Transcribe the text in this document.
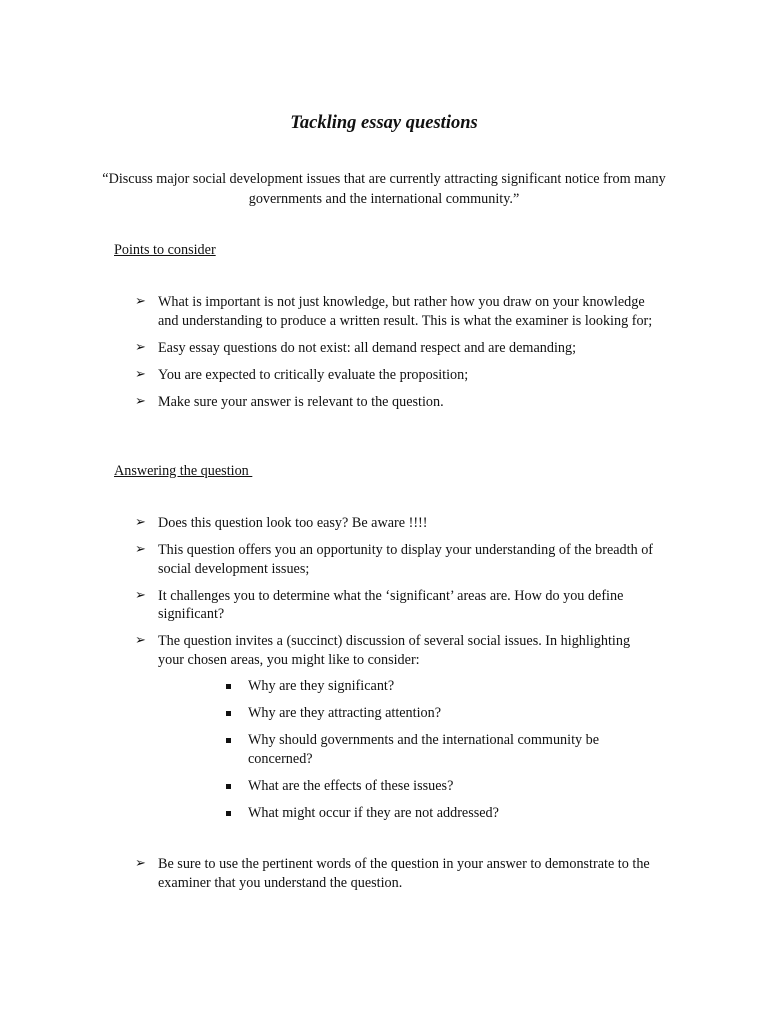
Tackling essay questions
“Discuss major social development issues that are currently attracting significant notice from many governments and the international community.”
Points to consider
➢ What is important is not just knowledge, but rather how you draw on your knowledge and understanding to produce a written result. This is what the examiner is looking for;
➢ Easy essay questions do not exist: all demand respect and are demanding;
➢ You are expected to critically evaluate the proposition;
➢ Make sure your answer is relevant to the question.
Answering the question
➢ Does this question look too easy? Be aware !!!!
➢ This question offers you an opportunity to display your understanding of the breadth of social development issues;
➢ It challenges you to determine what the ‘significant’ areas are. How do you define significant?
➢ The question invites a (succinct) discussion of several social issues. In highlighting your chosen areas, you might like to consider:
Why are they significant?
Why are they attracting attention?
Why should governments and the international community be concerned?
What are the effects of these issues?
What might occur if they are not addressed?
➢ Be sure to use the pertinent words of the question in your answer to demonstrate to the examiner that you understand the question.
